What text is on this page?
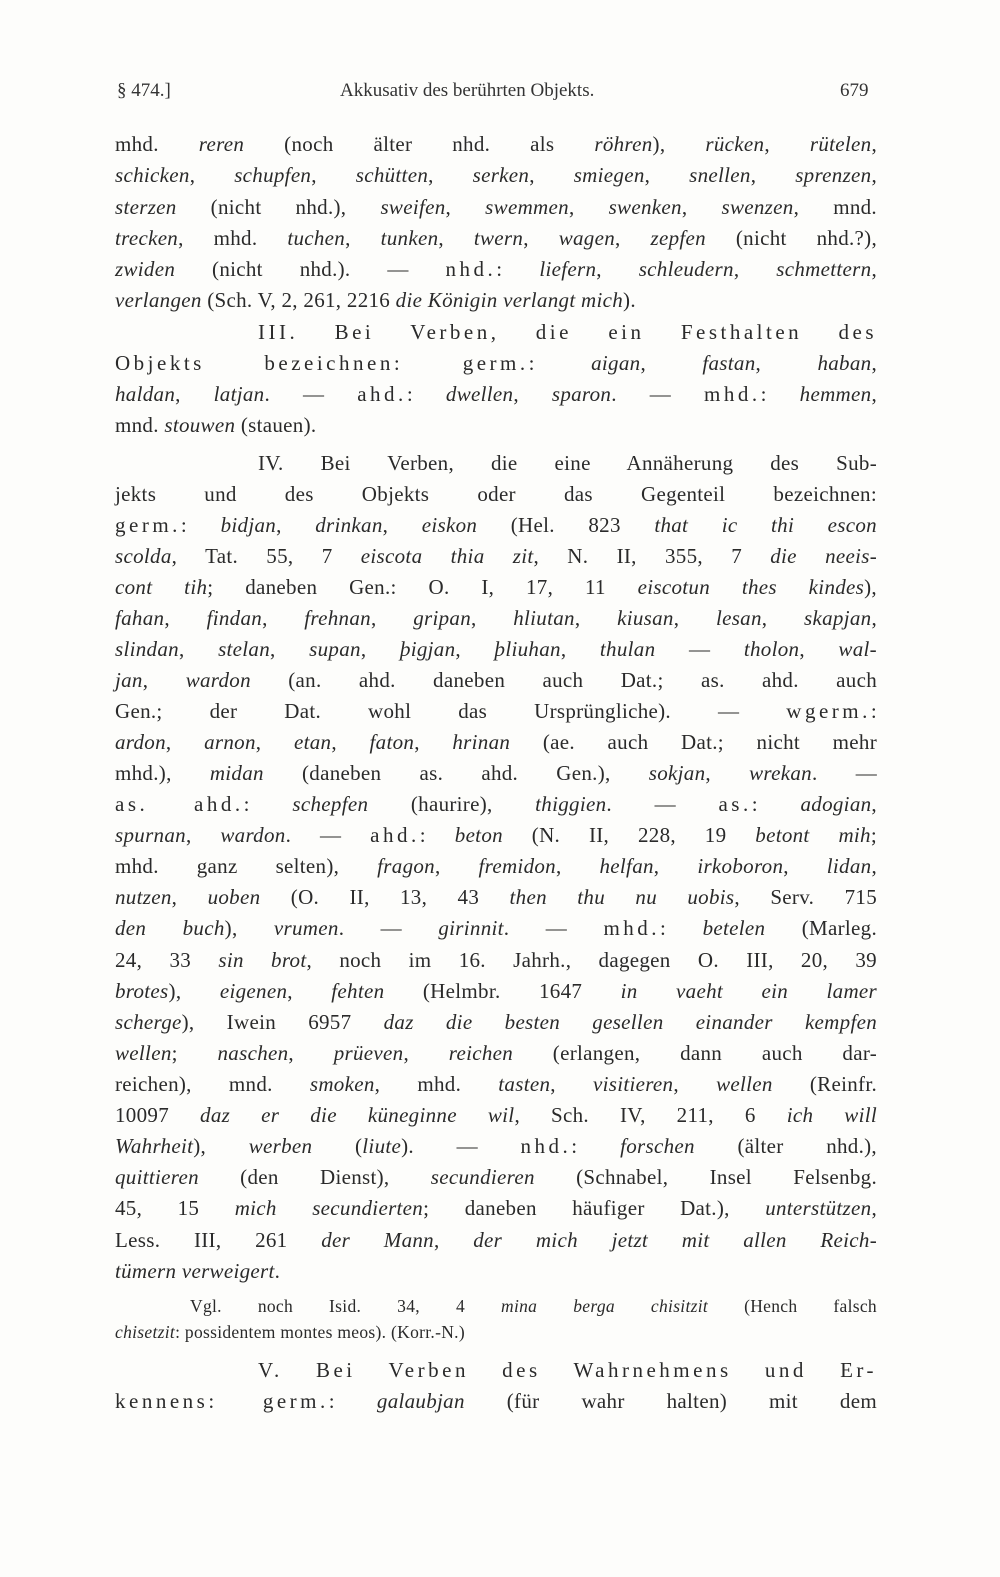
§ 474.]	Akkusativ des berührten Objekts.	679
mhd. reren (noch älter nhd. als röhren), rücken, rütelen,
schicken, schupfen, schütten, serken, smiegen, snellen, sprenzen,
sterzen (nicht nhd.), sweifen, swemmen, swenken, swenzen, mnd.
trecken, mhd. tuchen, tunken, twern, wagen, zepfen (nicht nhd.?),
zwiden (nicht nhd.). — nhd.: liefern, schleudern, schmettern,
verlangen (Sch. V, 2, 261, 2216 die Königin verlangt mich).
III. Bei Verben, die ein Festhalten des
Objekts bezeichnen: germ.: aigan, fastan, haban,
haldan, latjan. — ahd.: dwellen, sparon. — mhd.: hemmen,
mnd. stouwen (stauen).
IV. Bei Verben, die eine Annäherung des Sub-
jekts und des Objekts oder das Gegenteil bezeichnen:
germ.: bidjan, drinkan, eiskon (Hel. 823 that ic thi escon
scolda, Tat. 55, 7 eiscota thia zit, N. II, 355, 7 die neeis-
cont tih; daneben Gen.: O. I, 17, 11 eiscotun thes kindes),
fahan, findan, frehnan, gripan, hliutan, kiusan, lesan, skapjan,
slindan, stelan, supan, þigjan, þliuhan, thulan — tholon, wal-
jan, wardon (an. ahd. daneben auch Dat.; as. ahd. auch
Gen.; der Dat. wohl das Ursprüngliche). — wgerm.:
ardon, arnon, etan, faton, hrinan (ae. auch Dat.; nicht mehr
mhd.), midan (daneben as. ahd. Gen.), sokjan, wrekan. —
as. ahd.: schepfen (haurire), thiggien. — as.: adogian,
spurnan, wardon. — ahd.: beton (N. II, 228, 19 betont mih;
mhd. ganz selten), fragon, fremidon, helfan, irkoboron, lidan,
nutzen, uoben (O. II, 13, 43 then thu nu uobis, Serv. 715
den buch), vrumen. — girinnit. — mhd.: betelen (Marleg.
24, 33 sin brot, noch im 16. Jahrh., dagegen O. III, 20, 39
brotes), eigenen, fehten (Helmbr. 1647 in vaeht ein lamer
scherge), Iwein 6957 daz die besten gesellen einander kempfen
wellen; naschen, prüeven, reichen (erlangen, dann auch dar-
reichen), mnd. smoken, mhd. tasten, visitieren, wellen (Reinfr.
10097 daz er die küneginne wil, Sch. IV, 211, 6 ich will
Wahrheit), werben (liute). — nhd.: forschen (älter nhd.),
quittieren (den Dienst), secundieren (Schnabel, Insel Felsenbg.
45, 15 mich secundierten; daneben häufiger Dat.), unterstützen,
Less. III, 261 der Mann, der mich jetzt mit allen Reich-
tümern verweigert.
Vgl. noch Isid. 34, 4 mina berga chisitzit (Hench falsch
chisetzit: possidentem montes meos). (Korr.-N.)
V. Bei Verben des Wahrnehmens und Er-
kennens: germ.: galaubjan (für wahr halten) mit dem
